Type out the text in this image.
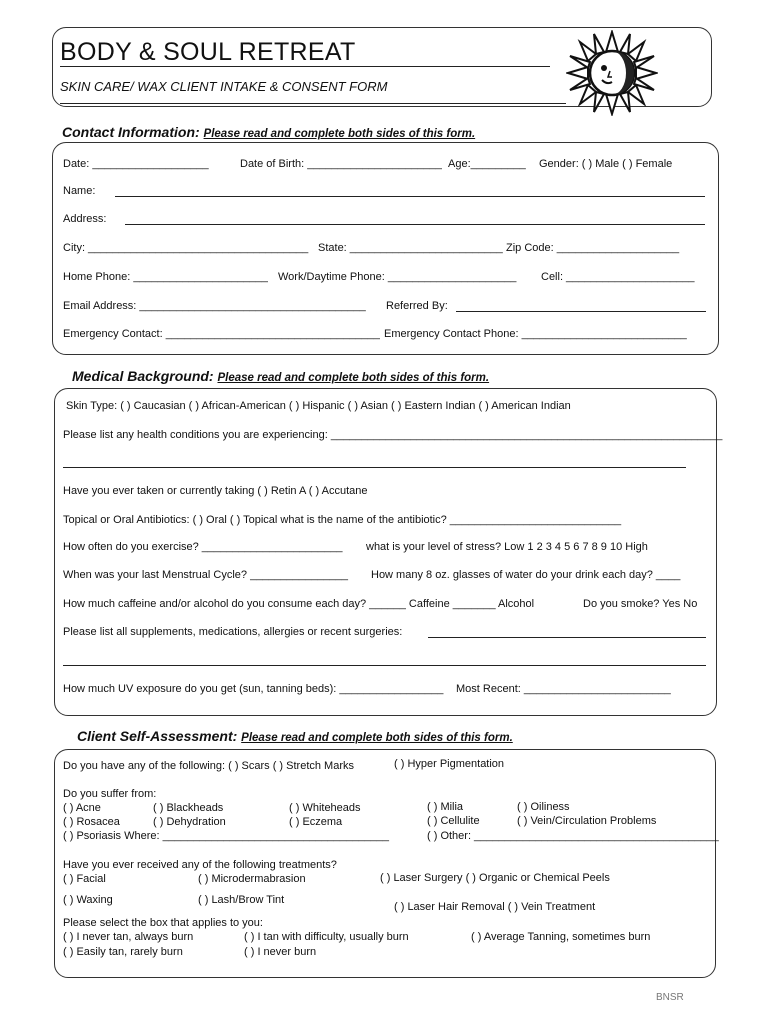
BODY & SOUL RETREAT
SKIN CARE/ WAX CLIENT INTAKE & CONSENT FORM
Contact Information: Please read and complete both sides of this form.
Date: ___________________	Date of Birth: ______________________ Age:_________ Gender: ( ) Male ( ) Female
Name:
Address:
City: ____________________________________ State: _________________________ Zip Code: ____________________
Home Phone: ______________________ Work/Daytime Phone: _____________________ Cell: _____________________
Email Address: _____________________________________ Referred By:
Emergency Contact: ___________________________________ Emergency Contact Phone: ___________________________
Medical Background: Please read and complete both sides of this form.
Skin Type: ( ) Caucasian ( ) African-American ( ) Hispanic ( ) Asian ( ) Eastern Indian ( ) American Indian
Please list any health conditions you are experiencing: ________________________________________________________________
Have you ever taken or currently taking ( ) Retin A ( ) Accutane
Topical or Oral Antibiotics: ( ) Oral ( ) Topical what is the name of the antibiotic? ____________________________
How often do you exercise? _______________________ what is your level of stress? Low 1 2 3 4 5 6 7 8 9 10 High
When was your last Menstrual Cycle? ________________ How many 8 oz. glasses of water do your drink each day? ____
How much caffeine and/or alcohol do you consume each day? ______ Caffeine _______ Alcohol	Do you smoke? Yes No
Please list all supplements, medications, allergies or recent surgeries:
How much UV exposure do you get (sun, tanning beds): _________________ Most Recent: ________________________
Client Self-Assessment: Please read and complete both sides of this form.
Do you have any of the following: ( ) Scars ( ) Stretch Marks	( ) Hyper Pigmentation
Do you suffer from:
( ) Acne	( ) Blackheads	( ) Whiteheads	( ) Milia	( ) Oiliness
( ) Rosacea	( ) Dehydration	( ) Eczema	( ) Cellulite	( ) Vein/Circulation Problems
( ) Psoriasis Where: _____________________________________	( ) Other: ________________________________________
Have you ever received any of the following treatments?
( ) Facial	( ) Microdermabrasion	( ) Laser Surgery ( ) Organic or Chemical Peels
( ) Waxing	( ) Lash/Brow Tint
( ) Laser Hair Removal ( ) Vein Treatment
Please select the box that applies to you:
( ) I never tan, always burn	( ) I tan with difficulty, usually burn	( ) Average Tanning, sometimes burn
( ) Easily tan, rarely burn	( ) I never burn
BNSR
